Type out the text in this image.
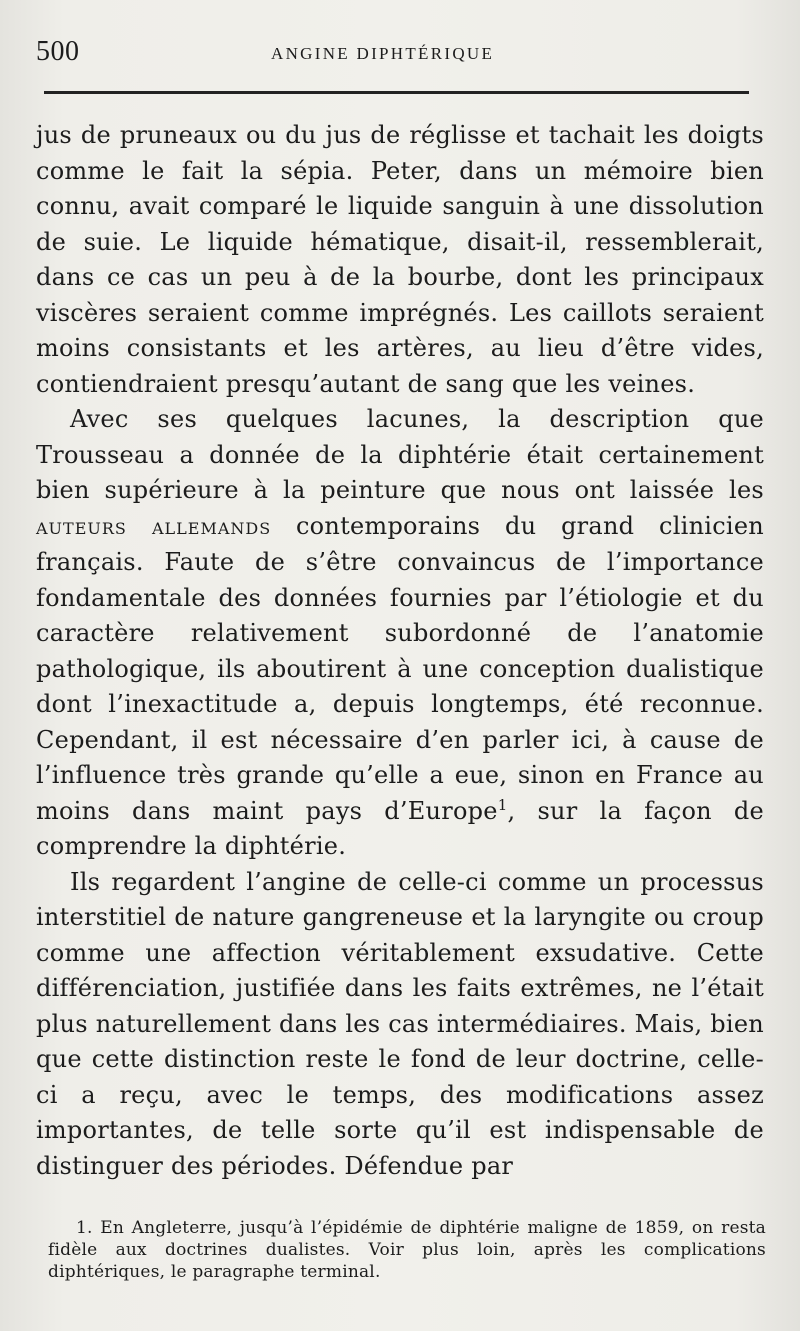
500	ANGINE DIPHTÉRIQUE

jus de pruneaux ou du jus de réglisse et tachait les doigts comme le fait la sépia. Peter, dans un mémoire bien connu, avait comparé le liquide sanguin à une dissolution de suie. Le liquide hématique, disait-il, ressemblerait, dans ce cas un peu à de la bourbe, dont les principaux viscères seraient comme imprégnés. Les caillots seraient moins consistants et les artères, au lieu d’être vides, contiendraient presqu’autant de sang que les veines.

Avec ses quelques lacunes, la description que Trousseau a donnée de la diphtérie était certainement bien supérieure à la peinture que nous ont laissée les auteurs allemands contemporains du grand clinicien français. Faute de s’être convaincus de l’importance fondamentale des données fournies par l’étiologie et du caractère relativement subordonné de l’anatomie pathologique, ils aboutirent à une conception dualistique dont l’inexactitude a, depuis longtemps, été reconnue. Cependant, il est nécessaire d’en parler ici, à cause de l’influence très grande qu’elle a eue, sinon en France au moins dans maint pays d’Europe$^1$, sur la façon de comprendre la diphtérie.

Ils regardent l’angine de celle-ci comme un processus interstitiel de nature gangreneuse et la laryngite ou croup comme une affection véritablement exsudative. Cette différenciation, justifiée dans les faits extrêmes, ne l’était plus naturellement dans les cas intermédiaires. Mais, bien que cette distinction reste le fond de leur doctrine, celle-ci a reçu, avec le temps, des modifications assez importantes, de telle sorte qu’il est indispensable de distinguer des périodes. Défendue par

1. En Angleterre, jusqu’à l’épidémie de diphtérie maligne de 1859, on resta fidèle aux doctrines dualistes. Voir plus loin, après les complications diphtériques, le paragraphe terminal.
